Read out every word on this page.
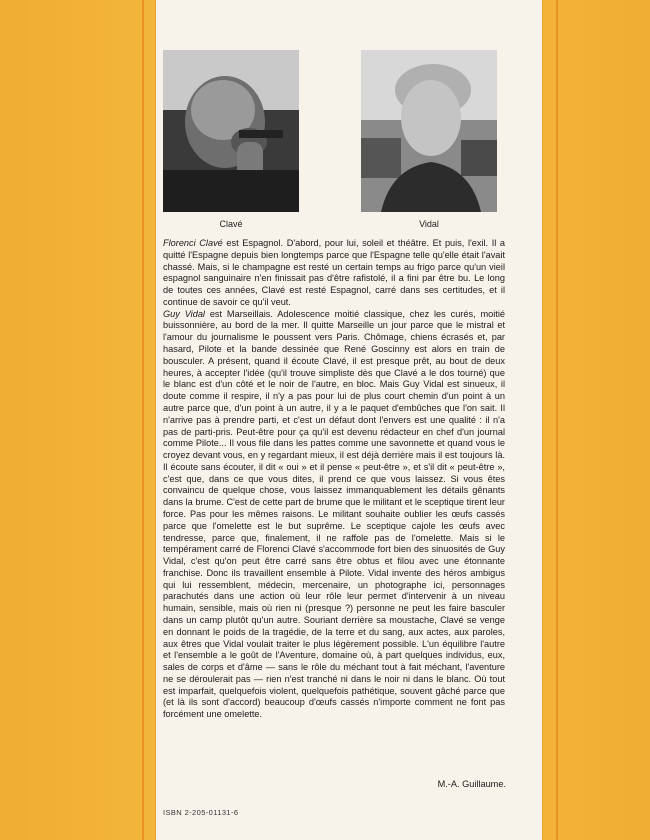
Clavé	Vidal

Florenci Clavé est Espagnol. D'abord, pour lui, soleil et théâtre. Et puis, l'exil. Il a quitté l'Espagne depuis bien longtemps parce que l'Espagne telle qu'elle était l'avait chassé. Mais, si le champagne est resté un certain temps au frigo parce qu'un vieil espagnol sanguinaire n'en finissait pas d'être rafistolé, il a fini par être bu. Le long de toutes ces années, Clavé est resté Espagnol, carré dans ses certitudes, et il continue de savoir ce qu'il veut.

Guy Vidal est Marseillais. Adolescence moitié classique, chez les curés, moitié buissonnière, au bord de la mer. Il quitte Marseille un jour parce que le mistral et l'amour du journalisme le poussent vers Paris. Chômage, chiens écrasés et, par hasard, Pilote et la bande dessinée que René Goscinny est alors en train de bousculer. A présent, quand il écoute Clavé, il est presque prêt, au bout de deux heures, à accepter l'idée (qu'il trouve simpliste dès que Clavé a le dos tourné) que le blanc est d'un côté et le noir de l'autre, en bloc. Mais Guy Vidal est sinueux, il doute comme il respire, il n'y a pas pour lui de plus court chemin d'un point à un autre parce que, d'un point à un autre, il y a le paquet d'embûches que l'on sait. Il n'arrive pas à prendre parti, et c'est un défaut dont l'envers est une qualité : il n'a pas de parti-pris. Peut-être pour ça qu'il est devenu rédacteur en chef d'un journal comme Pilote... Il vous file dans les pattes comme une savonnette et quand vous le croyez devant vous, en y regardant mieux, il est déjà derrière mais il est toujours là. Il écoute sans écouter, il dit « oui » et il pense « peut-être », et s'il dit « peut-être », c'est que, dans ce que vous dites, il prend ce que vous laissez. Si vous êtes convaincu de quelque chose, vous laissez immanquablement les détails gênants dans la brume. C'est de cette part de brume que le militant et le sceptique tirent leur force. Pas pour les mêmes raisons. Le militant souhaite oublier les œufs cassés parce que l'omelette est le but suprême. Le sceptique cajole les œufs avec tendresse, parce que, finalement, il ne raffole pas de l'omelette. Mais si le tempérament carré de Florenci Clavé s'accommode fort bien des sinuosités de Guy Vidal, c'est qu'on peut être carré sans être obtus et filou avec une étonnante franchise. Donc ils travaillent ensemble à Pilote. Vidal invente des héros ambigus qui lui ressemblent, médecin, mercenaire, un photographe ici, personnages parachutés dans une action où leur rôle leur permet d'intervenir à un niveau humain, sensible, mais où rien ni (presque ?) personne ne peut les faire basculer dans un camp plutôt qu'un autre. Souriant derrière sa moustache, Clavé se venge en donnant le poids de la tragédie, de la terre et du sang, aux actes, aux paroles, aux êtres que Vidal voulait traiter le plus légèrement possible. L'un équilibre l'autre et l'ensemble a le goût de l'Aventure, domaine où, à part quelques individus, eux, sales de corps et d'âme — sans le rôle du méchant tout à fait méchant, l'aventure ne se déroulerait pas — rien n'est tranché ni dans le noir ni dans le blanc. Où tout est imparfait, quelquefois violent, quelquefois pathétique, souvent gâché parce que (et là ils sont d'accord) beaucoup d'œufs cassés n'importe comment ne font pas forcément une omelette.

M.-A. Guillaume.
ISBN 2-205-01131-6
